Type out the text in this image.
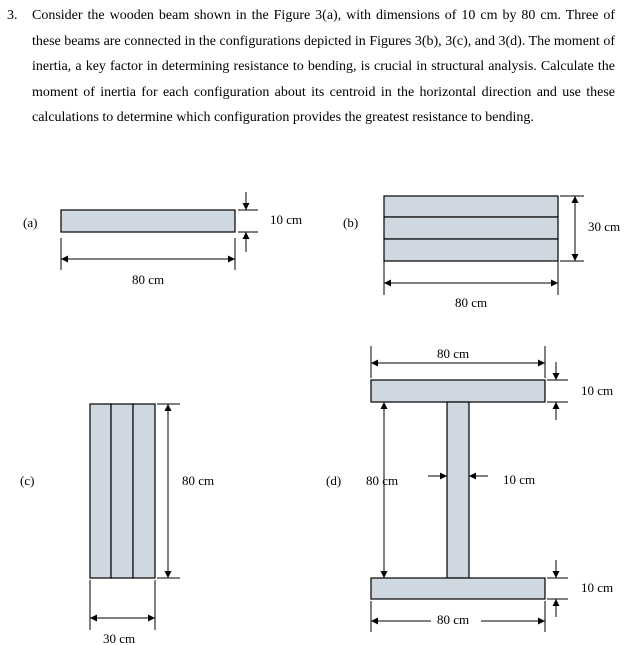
3. Consider the wooden beam shown in the Figure 3(a), with dimensions of 10 cm by 80 cm. Three of these beams are connected in the configurations depicted in Figures 3(b), 3(c), and 3(d). The moment of inertia, a key factor in determining resistance to bending, is crucial in structural analysis. Calculate the moment of inertia for each configuration about its centroid in the horizontal direction and use these calculations to determine which configuration provides the greatest resistance to bending.
(a)	10 cm
80 cm
(b)	30 cm
80 cm
(c)	80 cm
30 cm
(d)
80 cm
10 cm
80 cm	10 cm
10 cm
80 cm
